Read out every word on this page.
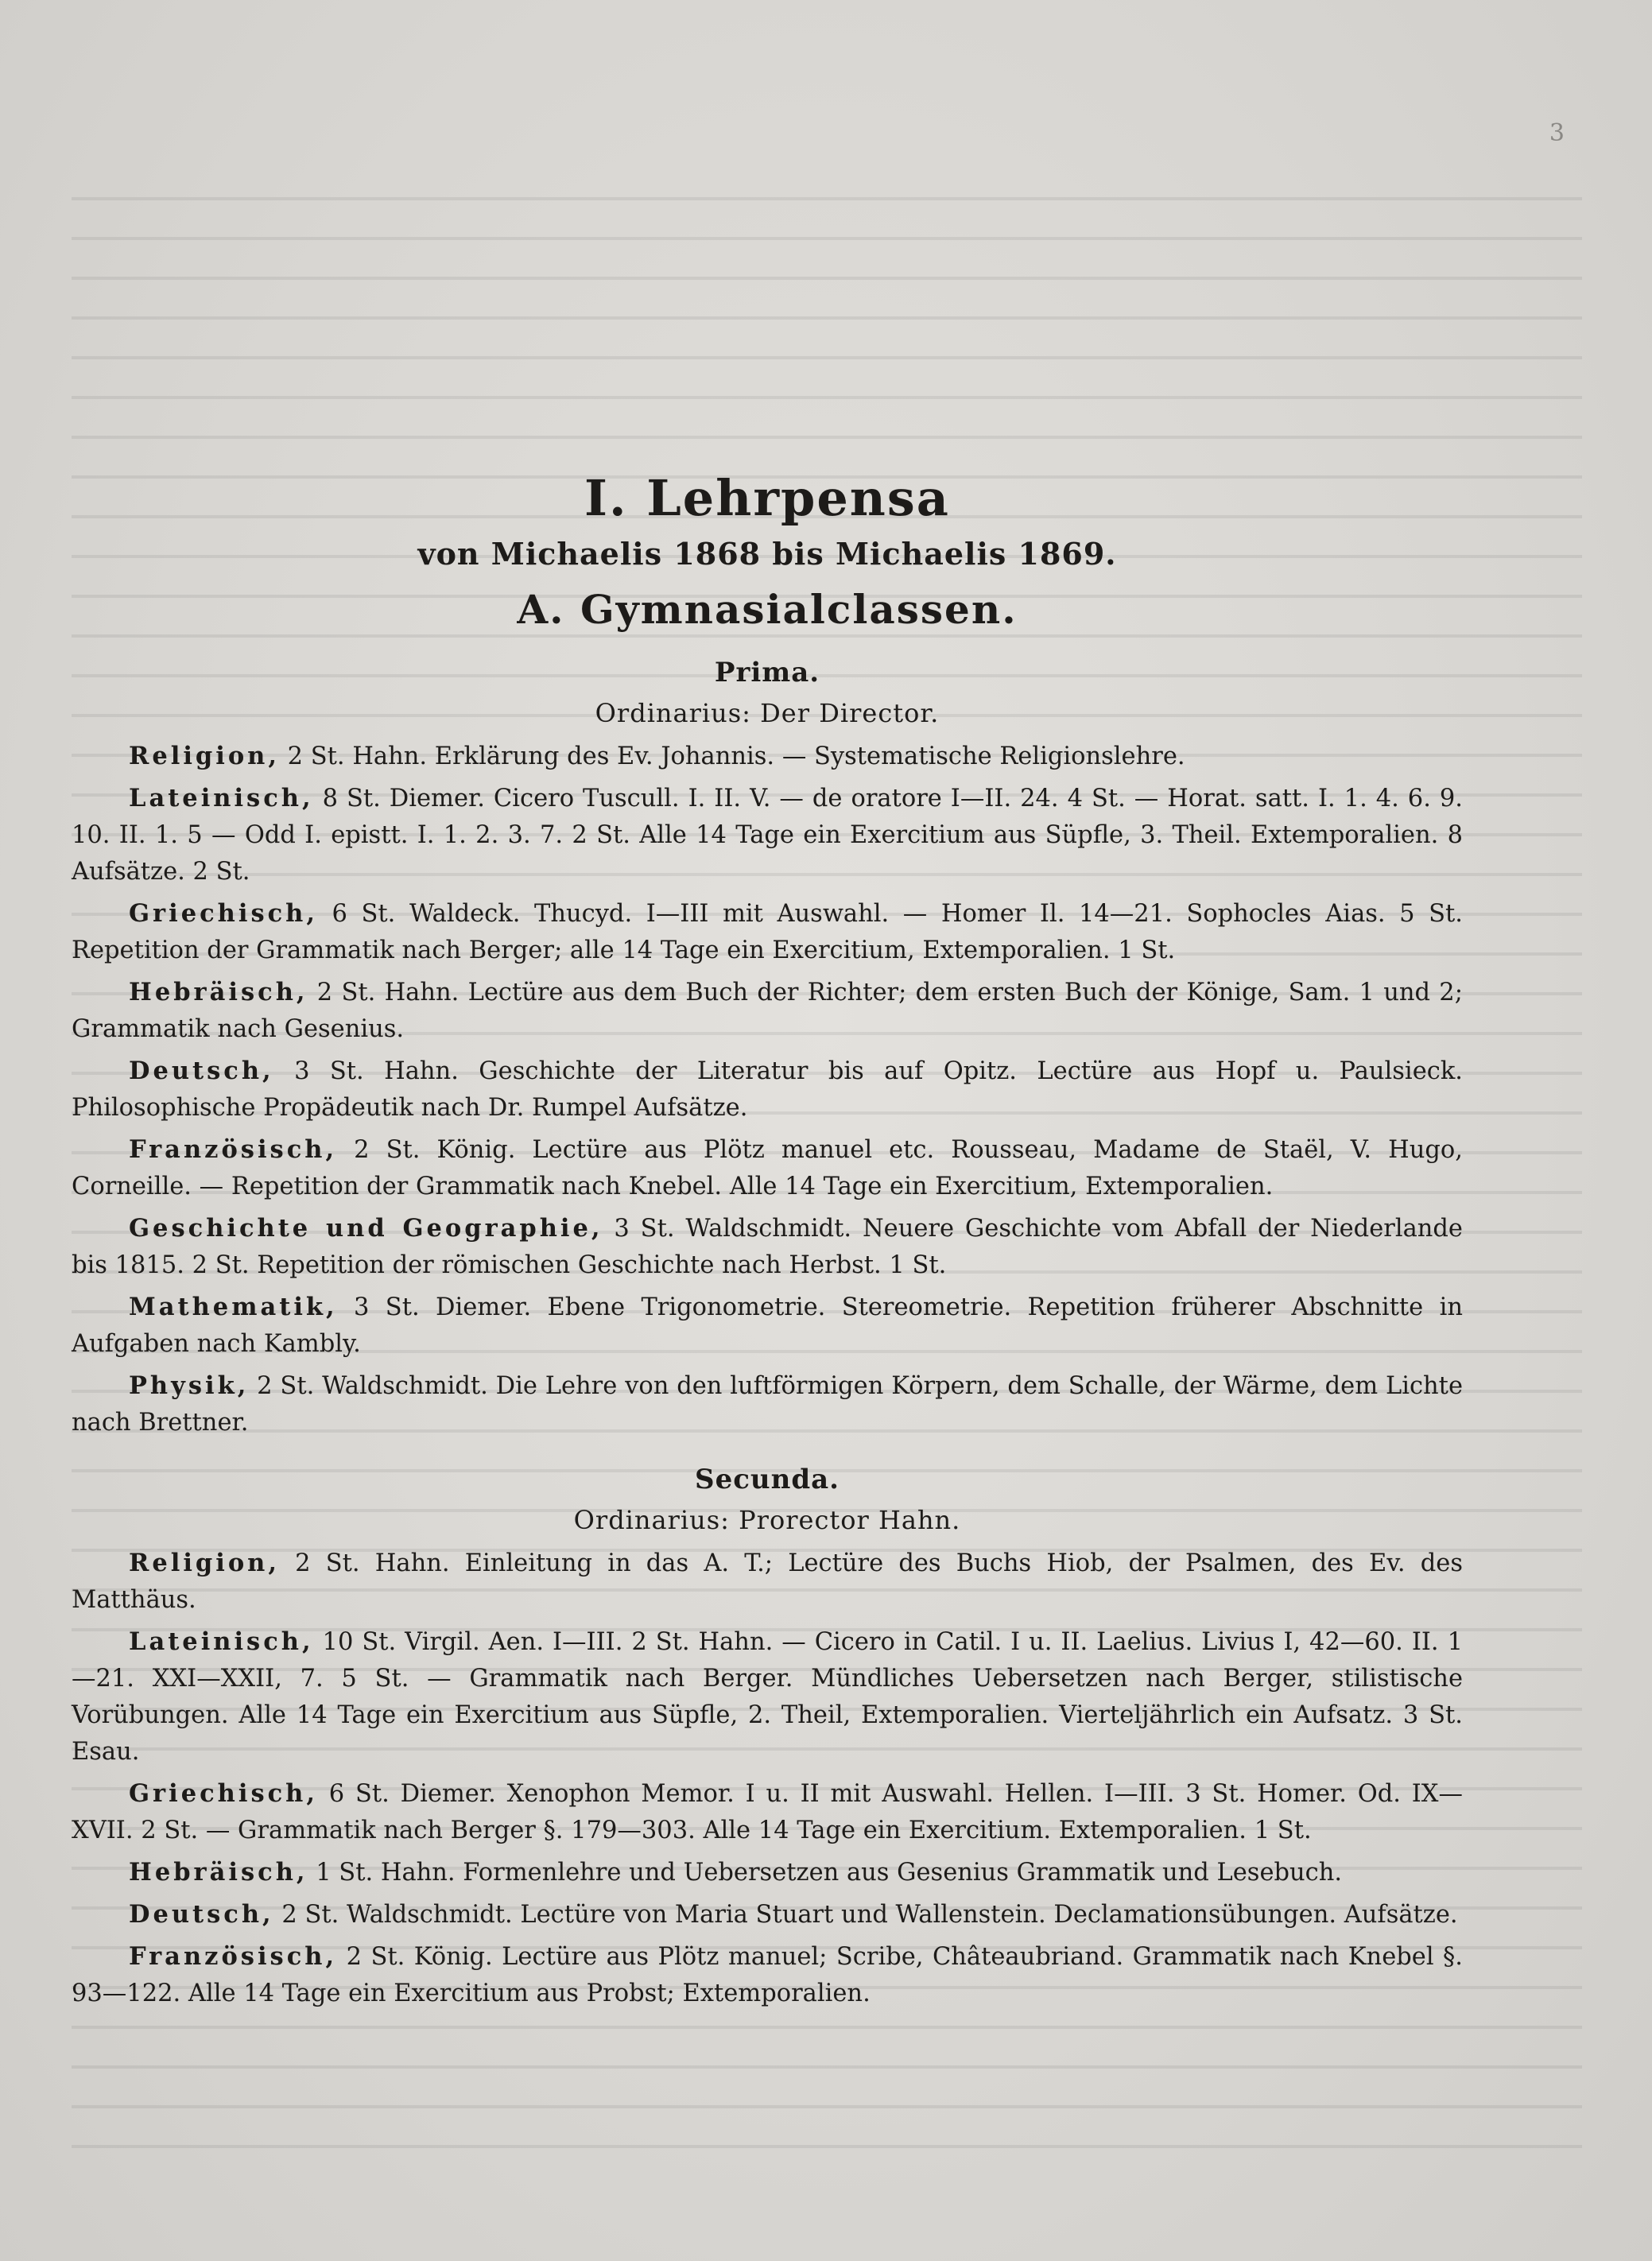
3
I. Lehrpensa
von Michaelis 1868 bis Michaelis 1869.
A. Gymnasialclassen.
Prima.
Ordinarius: Der Director.

Religion, 2 St. Hahn. Erklärung des Ev. Johannis. — Systematische Religionslehre.

Lateinisch, 8 St. Diemer. Cicero Tuscull. I. II. V. — de oratore I—II. 24. 4 St. — Horat. satt. I. 1. 4. 6. 9. 10. II. 1. 5 — Odd I. epistt. I. 1. 2. 3. 7. 2 St. Alle 14 Tage ein Exercitium aus Süpfle, 3. Theil. Extemporalien. 8 Aufsätze. 2 St.

Griechisch, 6 St. Waldeck. Thucyd. I—III mit Auswahl. — Homer Il. 14—21. Sophocles Aias. 5 St. Repetition der Grammatik nach Berger; alle 14 Tage ein Exercitium, Extemporalien. 1 St.

Hebräisch, 2 St. Hahn. Lectüre aus dem Buch der Richter; dem ersten Buch der Könige, Sam. 1 und 2; Grammatik nach Gesenius.

Deutsch, 3 St. Hahn. Geschichte der Literatur bis auf Opitz. Lectüre aus Hopf u. Paulsieck. Philosophische Propädeutik nach Dr. Rumpel Aufsätze.

Französisch, 2 St. König. Lectüre aus Plötz manuel etc. Rousseau, Madame de Staël, V. Hugo, Corneille. — Repetition der Grammatik nach Knebel. Alle 14 Tage ein Exercitium, Extemporalien.

Geschichte und Geographie, 3 St. Waldschmidt. Neuere Geschichte vom Abfall der Niederlande bis 1815. 2 St. Repetition der römischen Geschichte nach Herbst. 1 St.

Mathematik, 3 St. Diemer. Ebene Trigonometrie. Stereometrie. Repetition früherer Abschnitte in Aufgaben nach Kambly.

Physik, 2 St. Waldschmidt. Die Lehre von den luftförmigen Körpern, dem Schalle, der Wärme, dem Lichte nach Brettner.

Secunda.
Ordinarius: Prorector Hahn.

Religion, 2 St. Hahn. Einleitung in das A. T.; Lectüre des Buchs Hiob, der Psalmen, des Ev. des Matthäus.

Lateinisch, 10 St. Virgil. Aen. I—III. 2 St. Hahn. — Cicero in Catil. I u. II. Laelius. Livius I, 42—60. II. 1—21. XXI—XXII, 7. 5 St. — Grammatik nach Berger. Mündliches Uebersetzen nach Berger, stilistische Vorübungen. Alle 14 Tage ein Exercitium aus Süpfle, 2. Theil, Extemporalien. Vierteljährlich ein Aufsatz. 3 St. Esau.

Griechisch, 6 St. Diemer. Xenophon Memor. I u. II mit Auswahl. Hellen. I—III. 3 St. Homer. Od. IX—XVII. 2 St. — Grammatik nach Berger §. 179—303. Alle 14 Tage ein Exercitium. Extemporalien. 1 St.

Hebräisch, 1 St. Hahn. Formenlehre und Uebersetzen aus Gesenius Grammatik und Lesebuch.

Deutsch, 2 St. Waldschmidt. Lectüre von Maria Stuart und Wallenstein. Declamationsübungen. Aufsätze.

Französisch, 2 St. König. Lectüre aus Plötz manuel; Scribe, Châteaubriand. Grammatik nach Knebel §. 93—122. Alle 14 Tage ein Exercitium aus Probst; Extemporalien.
